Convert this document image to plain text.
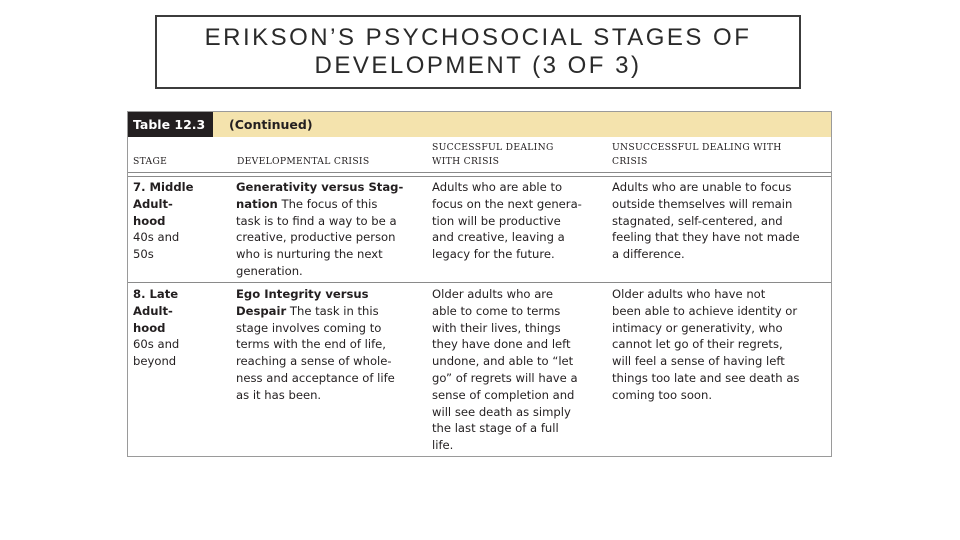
ERIKSON’S PSYCHOSOCIAL STAGES OF
DEVELOPMENT (3 OF 3)
Table 12.3	(Continued)
STAGE	DEVELOPMENTAL CRISIS
SUCCESSFUL DEALING
WITH CRISIS
UNSUCCESSFUL DEALING WITH
CRISIS
7. Middle
Adult-
hood
40s and
50s
Generativity versus Stag-
nation The focus of this
task is to find a way to be a
creative, productive person
who is nurturing the next
generation.
Adults who are able to
focus on the next genera-
tion will be productive
and creative, leaving a
legacy for the future.
Adults who are unable to focus
outside themselves will remain
stagnated, self-centered, and
feeling that they have not made
a difference.
8. Late
Adult-
hood
60s and
beyond
Ego Integrity versus
Despair The task in this
stage involves coming to
terms with the end of life,
reaching a sense of whole-
ness and acceptance of life
as it has been.
Older adults who are
able to come to terms
with their lives, things
they have done and left
undone, and able to “let
go” of regrets will have a
sense of completion and
will see death as simply
the last stage of a full
life.
Older adults who have not
been able to achieve identity or
intimacy or generativity, who
cannot let go of their regrets,
will feel a sense of having left
things too late and see death as
coming too soon.
